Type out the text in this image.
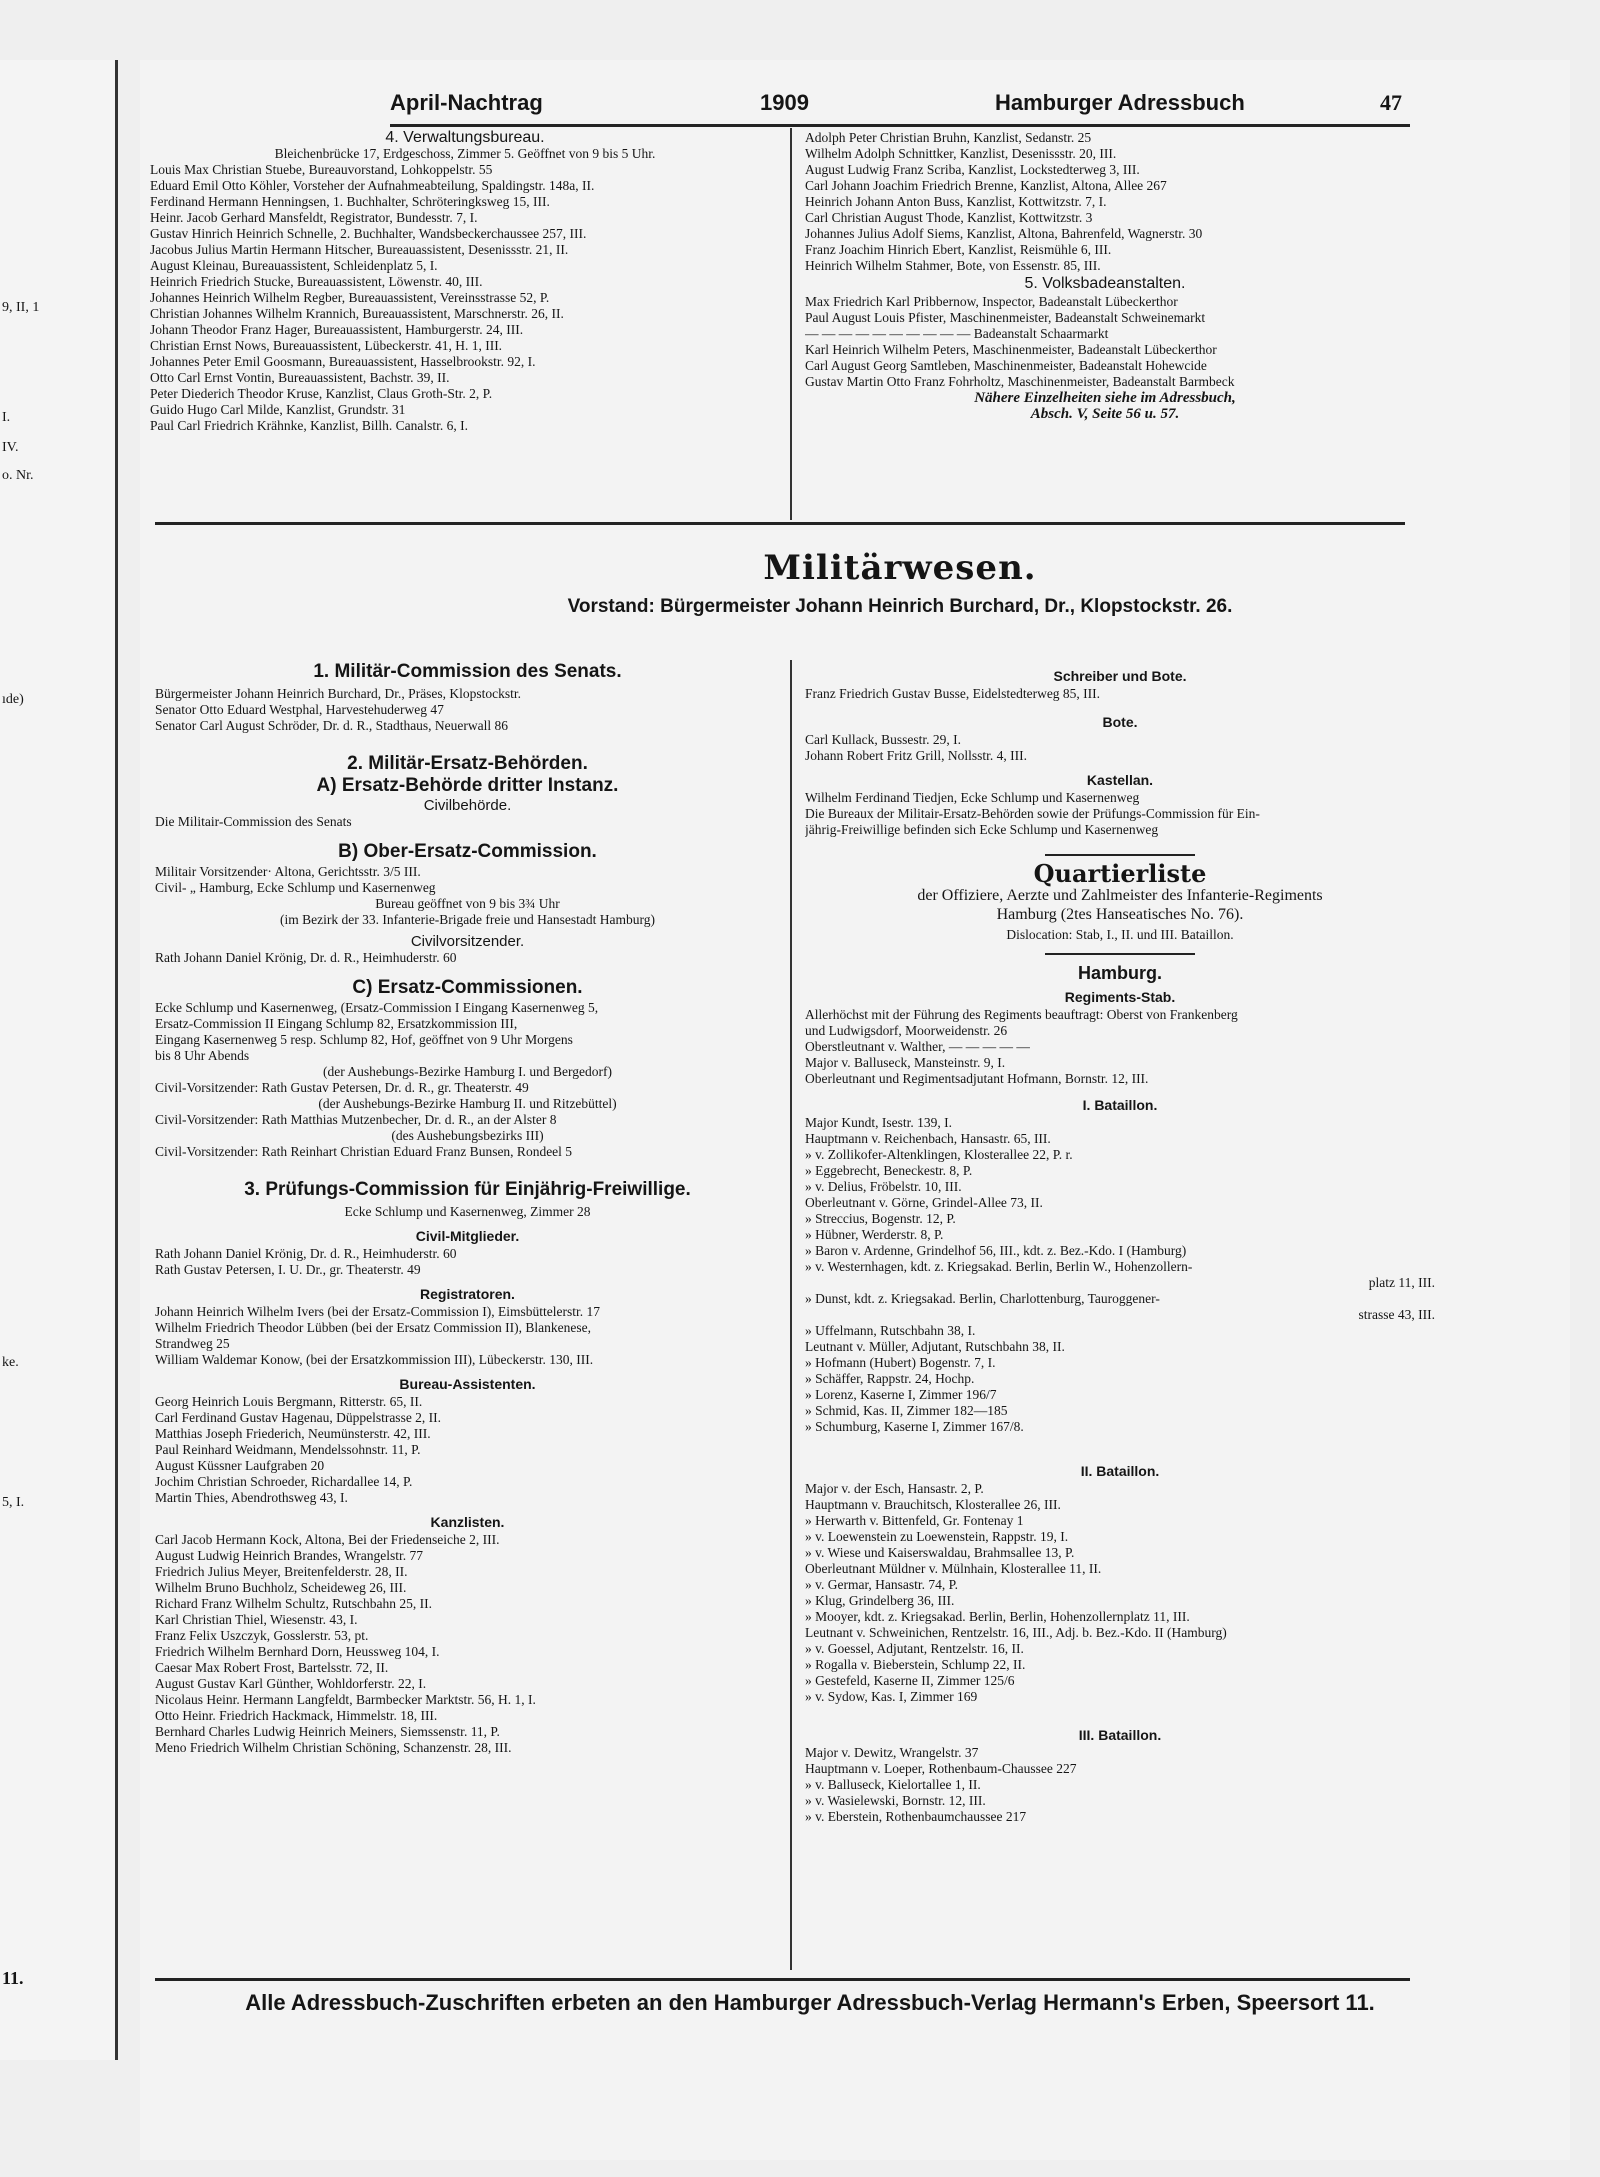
9, II, 1
I.
IV.
o. Nr.
ıde)
ke.
5, I.
11.
April-Nachtrag	1909	Hamburger Adressbuch	47
4. Verwaltungsbureau.
Bleichenbrücke 17, Erdgeschoss, Zimmer 5. Geöffnet von 9 bis 5 Uhr.
Louis Max Christian Stuebe, Bureauvorstand, Lohkoppelstr. 55
Eduard Emil Otto Köhler, Vorsteher der Aufnahmeabteilung, Spaldingstr. 148a, II.
Ferdinand Hermann Henningsen, 1. Buchhalter, Schröteringksweg 15, III.
Heinr. Jacob Gerhard Mansfeldt, Registrator, Bundesstr. 7, I.
Gustav Hinrich Heinrich Schnelle, 2. Buchhalter, Wandsbeckerchaussee 257, III.
Jacobus Julius Martin Hermann Hitscher, Bureauassistent, Desenissstr. 21, II.
August Kleinau, Bureauassistent, Schleidenplatz 5, I.
Heinrich Friedrich Stucke, Bureauassistent, Löwenstr. 40, III.
Johannes Heinrich Wilhelm Regber, Bureauassistent, Vereinsstrasse 52, P.
Christian Johannes Wilhelm Krannich, Bureauassistent, Marschnerstr. 26, II.
Johann Theodor Franz Hager, Bureauassistent, Hamburgerstr. 24, III.
Christian Ernst Nows, Bureauassistent, Lübeckerstr. 41, H. 1, III.
Johannes Peter Emil Goosmann, Bureauassistent, Hasselbrookstr. 92, I.
Otto Carl Ernst Vontin, Bureauassistent, Bachstr. 39, II.
Peter Diederich Theodor Kruse, Kanzlist, Claus Groth-Str. 2, P.
Guido Hugo Carl Milde, Kanzlist, Grundstr. 31
Paul Carl Friedrich Krähnke, Kanzlist, Billh. Canalstr. 6, I.
Adolph Peter Christian Bruhn, Kanzlist, Sedanstr. 25
Wilhelm Adolph Schnittker, Kanzlist, Desenissstr. 20, III.
August Ludwig Franz Scriba, Kanzlist, Lockstedterweg 3, III.
Carl Johann Joachim Friedrich Brenne, Kanzlist, Altona, Allee 267
Heinrich Johann Anton Buss, Kanzlist, Kottwitzstr. 7, I.
Carl Christian August Thode, Kanzlist, Kottwitzstr. 3
Johannes Julius Adolf Siems, Kanzlist, Altona, Bahrenfeld, Wagnerstr. 30
Franz Joachim Hinrich Ebert, Kanzlist, Reismühle 6, III.
Heinrich Wilhelm Stahmer, Bote, von Essenstr. 85, III.
5. Volksbadeanstalten.
Max Friedrich Karl Pribbernow, Inspector, Badeanstalt Lübeckerthor
Paul August Louis Pfister, Maschinenmeister, Badeanstalt Schweinemarkt
— — — — — — — — — — Badeanstalt Schaarmarkt
Karl Heinrich Wilhelm Peters, Maschinenmeister, Badeanstalt Lübeckerthor
Carl August Georg Samtleben, Maschinenmeister, Badeanstalt Hohewcide
Gustav Martin Otto Franz Fohrholtz, Maschinenmeister, Badeanstalt Barmbeck
Nähere Einzelheiten siehe im Adressbuch,
Absch. V, Seite 56 u. 57.
Militärwesen.
Vorstand: Bürgermeister Johann Heinrich Burchard, Dr., Klopstockstr. 26.
1. Militär-Commission des Senats.
Bürgermeister Johann Heinrich Burchard, Dr., Präses, Klopstockstr.
Senator Otto Eduard Westphal, Harvestehuderweg 47
Senator Carl August Schröder, Dr. d. R., Stadthaus, Neuerwall 86
2. Militär-Ersatz-Behörden.
A) Ersatz-Behörde dritter Instanz.
Civilbehörde.
Die Militair-Commission des Senats
B) Ober-Ersatz-Commission.
Militair Vorsitzender· Altona, Gerichtsstr. 3/5 III.
Civil- „ Hamburg, Ecke Schlump und Kasernenweg
Bureau geöffnet von 9 bis 3¾ Uhr
(im Bezirk der 33. Infanterie-Brigade freie und Hansestadt Hamburg)
Civilvorsitzender.
Rath Johann Daniel Krönig, Dr. d. R., Heimhuderstr. 60
C) Ersatz-Commissionen.
Ecke Schlump und Kasernenweg, (Ersatz-Commission I Eingang Kasernenweg 5,
Ersatz-Commission II Eingang Schlump 82, Ersatzkommission III,
Eingang Kasernenweg 5 resp. Schlump 82, Hof, geöffnet von 9 Uhr Morgens
bis 8 Uhr Abends
(der Aushebungs-Bezirke Hamburg I. und Bergedorf)
Civil-Vorsitzender: Rath Gustav Petersen, Dr. d. R., gr. Theaterstr. 49
(der Aushebungs-Bezirke Hamburg II. und Ritzebüttel)
Civil-Vorsitzender: Rath Matthias Mutzenbecher, Dr. d. R., an der Alster 8
(des Aushebungsbezirks III)
Civil-Vorsitzender: Rath Reinhart Christian Eduard Franz Bunsen, Rondeel 5
3. Prüfungs-Commission für Einjährig-Freiwillige.
Ecke Schlump und Kasernenweg, Zimmer 28
Civil-Mitglieder.
Rath Johann Daniel Krönig, Dr. d. R., Heimhuderstr. 60
Rath Gustav Petersen, I. U. Dr., gr. Theaterstr. 49
Registratoren.
Johann Heinrich Wilhelm Ivers (bei der Ersatz-Commission I), Eimsbüttelerstr. 17
Wilhelm Friedrich Theodor Lübben (bei der Ersatz Commission II), Blankenese,
Strandweg 25
William Waldemar Konow, (bei der Ersatzkommission III), Lübeckerstr. 130, III.
Bureau-Assistenten.
Georg Heinrich Louis Bergmann, Ritterstr. 65, II.
Carl Ferdinand Gustav Hagenau, Düppelstrasse 2, II.
Matthias Joseph Friederich, Neumünsterstr. 42, III.
Paul Reinhard Weidmann, Mendelssohnstr. 11, P.
August Küssner Laufgraben 20
Jochim Christian Schroeder, Richardallee 14, P.
Martin Thies, Abendrothsweg 43, I.
Kanzlisten.
Carl Jacob Hermann Kock, Altona, Bei der Friedenseiche 2, III.
August Ludwig Heinrich Brandes, Wrangelstr. 77
Friedrich Julius Meyer, Breitenfelderstr. 28, II.
Wilhelm Bruno Buchholz, Scheideweg 26, III.
Richard Franz Wilhelm Schultz, Rutschbahn 25, II.
Karl Christian Thiel, Wiesenstr. 43, I.
Franz Felix Uszczyk, Gosslerstr. 53, pt.
Friedrich Wilhelm Bernhard Dorn, Heussweg 104, I.
Caesar Max Robert Frost, Bartelsstr. 72, II.
August Gustav Karl Günther, Wohldorferstr. 22, I.
Nicolaus Heinr. Hermann Langfeldt, Barmbecker Marktstr. 56, H. 1, I.
Otto Heinr. Friedrich Hackmack, Himmelstr. 18, III.
Bernhard Charles Ludwig Heinrich Meiners, Siemssenstr. 11, P.
Meno Friedrich Wilhelm Christian Schöning, Schanzenstr. 28, III.
Schreiber und Bote.
Franz Friedrich Gustav Busse, Eidelstedterweg 85, III.
Bote.
Carl Kullack, Bussestr. 29, I.
Johann Robert Fritz Grill, Nollsstr. 4, III.
Kastellan.
Wilhelm Ferdinand Tiedjen, Ecke Schlump und Kasernenweg
Die Bureaux der Militair-Ersatz-Behörden sowie der Prüfungs-Commission für Ein-
jährig-Freiwillige befinden sich Ecke Schlump und Kasernenweg
Quartierliste
der Offiziere, Aerzte und Zahlmeister des Infanterie-Regiments
Hamburg (2tes Hanseatisches No. 76).
Dislocation: Stab, I., II. und III. Bataillon.
Hamburg.
Regiments-Stab.
Allerhöchst mit der Führung des Regiments beauftragt: Oberst von Frankenberg
und Ludwigsdorf, Moorweidenstr. 26
Oberstleutnant v. Walther, — — — — —
Major v. Balluseck, Mansteinstr. 9, I.
Oberleutnant und Regimentsadjutant Hofmann, Bornstr. 12, III.
I. Bataillon.
Major Kundt, Isestr. 139, I.
Hauptmann v. Reichenbach, Hansastr. 65, III.
» v. Zollikofer-Altenklingen, Klosterallee 22, P. r.
» Eggebrecht, Beneckestr. 8, P.
» v. Delius, Fröbelstr. 10, III.
Oberleutnant v. Görne, Grindel-Allee 73, II.
» Streccius, Bogenstr. 12, P.
» Hübner, Werderstr. 8, P.
» Baron v. Ardenne, Grindelhof 56, III., kdt. z. Bez.-Kdo. I (Hamburg)
» v. Westernhagen, kdt. z. Kriegsakad. Berlin, Berlin W., Hohenzollern-
platz 11, III.
» Dunst, kdt. z. Kriegsakad. Berlin, Charlottenburg, Tauroggener-
strasse 43, III.
» Uffelmann, Rutschbahn 38, I.
Leutnant v. Müller, Adjutant, Rutschbahn 38, II.
» Hofmann (Hubert) Bogenstr. 7, I.
» Schäffer, Rappstr. 24, Hochp.
» Lorenz, Kaserne I, Zimmer 196/7
» Schmid, Kas. II, Zimmer 182—185
» Schumburg, Kaserne I, Zimmer 167/8.
II. Bataillon.
Major v. der Esch, Hansastr. 2, P.
Hauptmann v. Brauchitsch, Klosterallee 26, III.
» Herwarth v. Bittenfeld, Gr. Fontenay 1
» v. Loewenstein zu Loewenstein, Rappstr. 19, I.
» v. Wiese und Kaiserswaldau, Brahmsallee 13, P.
Oberleutnant Müldner v. Mülnhain, Klosterallee 11, II.
» v. Germar, Hansastr. 74, P.
» Klug, Grindelberg 36, III.
» Mooyer, kdt. z. Kriegsakad. Berlin, Berlin, Hohenzollernplatz 11, III.
Leutnant v. Schweinichen, Rentzelstr. 16, III., Adj. b. Bez.-Kdo. II (Hamburg)
» v. Goessel, Adjutant, Rentzelstr. 16, II.
» Rogalla v. Bieberstein, Schlump 22, II.
» Gestefeld, Kaserne II, Zimmer 125/6
» v. Sydow, Kas. I, Zimmer 169
III. Bataillon.
Major v. Dewitz, Wrangelstr. 37
Hauptmann v. Loeper, Rothenbaum-Chaussee 227
» v. Balluseck, Kielortallee 1, II.
» v. Wasielewski, Bornstr. 12, III.
» v. Eberstein, Rothenbaumchaussee 217
Alle Adressbuch-Zuschriften erbeten an den Hamburger Adressbuch-Verlag Hermann's Erben, Speersort 11.
